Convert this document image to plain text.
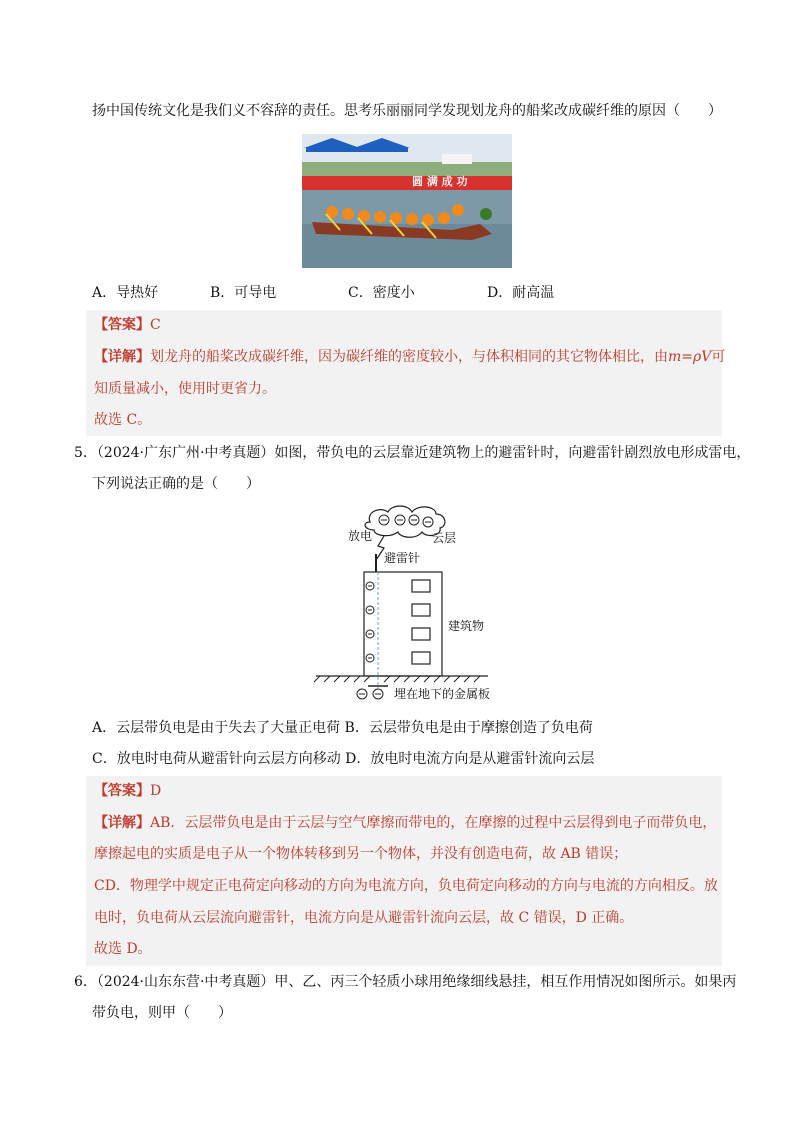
扬中国传统文化是我们义不容辞的责任。思考乐丽丽同学发现划龙舟的船桨改成碳纤维的原因（　　）
圆 满 成 功
A．导热好	B．可导电	C．密度小	D．耐高温
【答案】C
【详解】划龙舟的船桨改成碳纤维，因为碳纤维的密度较小，与体积相同的其它物体相比，由m=ρV可
知质量减小，使用时更省力。
故选 C。
5．（2024·广东广州·中考真题）如图，带负电的云层靠近建筑物上的避雷针时，向避雷针剧烈放电形成雷电，
下列说法正确的是（　　）
放电	云层
避雷针
建筑物
埋在地下的金属板
A．云层带负电是由于失去了大量正电荷 B．云层带负电是由于摩擦创造了负电荷
C．放电时电荷从避雷针向云层方向移动 D．放电时电流方向是从避雷针流向云层
【答案】D
【详解】AB．云层带负电是由于云层与空气摩擦而带电的，在摩擦的过程中云层得到电子而带负电，
摩擦起电的实质是电子从一个物体转移到另一个物体，并没有创造电荷，故 AB 错误；
CD．物理学中规定正电荷定向移动的方向为电流方向，负电荷定向移动的方向与电流的方向相反。放
电时，负电荷从云层流向避雷针，电流方向是从避雷针流向云层，故 C 错误，D 正确。
故选 D。
6．（2024·山东东营·中考真题）甲、乙、丙三个轻质小球用绝缘细线悬挂，相互作用情况如图所示。如果丙
带负电，则甲（　　）
